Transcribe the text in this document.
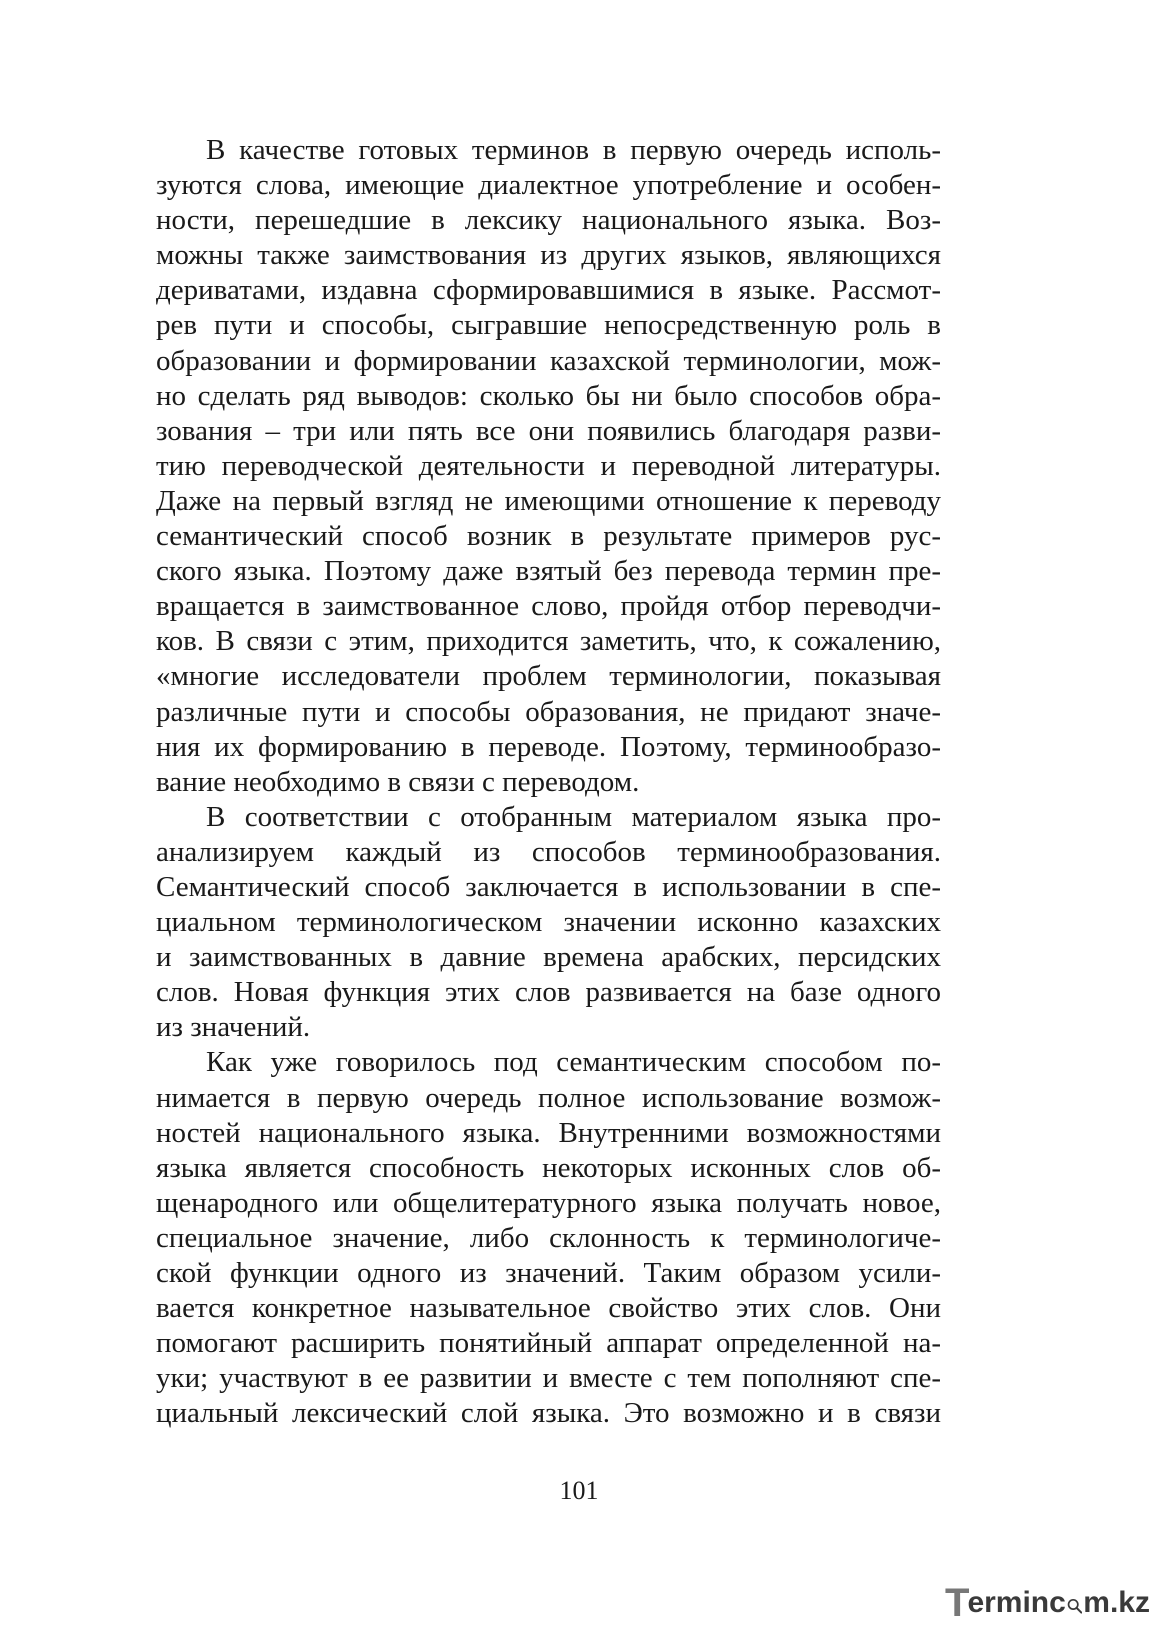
В качестве готовых терминов в первую очередь исполь-
зуются слова, имеющие диалектное употребление и особен-
ности, перешедшие в лексику национального языка. Воз-
можны также заимствования из других языков, являющихся
дериватами, издавна сформировавшимися в языке. Рассмот-
рев пути и способы, сыгравшие непосредственную роль в
образовании и формировании казахской терминологии, мож-
но сделать ряд выводов: сколько бы ни было способов обра-
зования – три или пять все они появились благодаря разви-
тию переводческой деятельности и переводной литературы.
Даже на первый взгляд не имеющими отношение к переводу
семантический способ возник в результате примеров рус-
ского языка. Поэтому даже взятый без перевода термин пре-
вращается в заимствованное слово, пройдя отбор переводчи-
ков. В связи с этим, приходится заметить, что, к сожалению,
«многие исследователи проблем терминологии, показывая
различные пути и способы образования, не придают значе-
ния их формированию в переводе. Поэтому, терминообразо-
вание необходимо в связи с переводом.
В соответствии с отобранным материалом языка про-
анализируем каждый из способов терминообразования.
Семантический способ заключается в использовании в спе-
циальном терминологическом значении исконно казахских
и заимствованных в давние времена арабских, персидских
слов. Новая функция этих слов развивается на базе одного
из значений.
Как уже говорилось под семантическим способом по-
нимается в первую очередь полное использование возмож-
ностей национального языка. Внутренними возможностями
языка является способность некоторых исконных слов об-
щенародного или общелитературного языка получать новое,
специальное значение, либо склонность к терминологиче-
ской функции одного из значений. Таким образом усили-
вается конкретное назывательное свойство этих слов. Они
помогают расширить понятийный аппарат определенной на-
уки; участвуют в ее развитии и вместе с тем пополняют спе-
циальный лексический слой языка. Это возможно и в связи
101
T erminc m.kz
